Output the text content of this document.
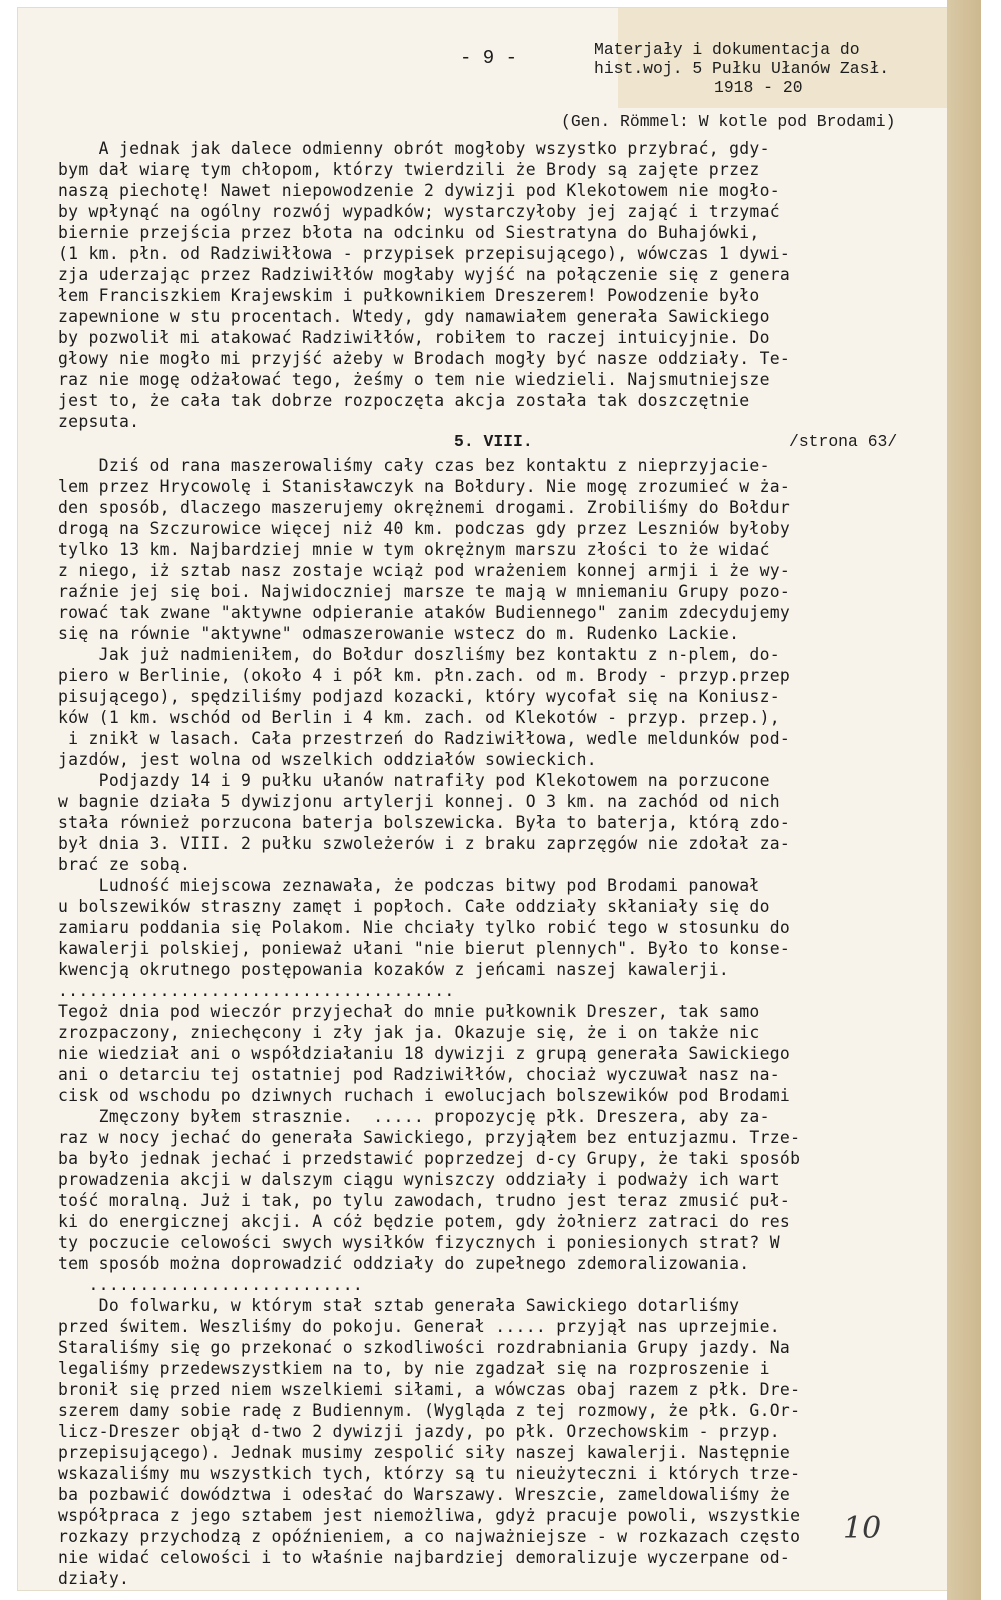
- 9 -	Materjały i dokumentacja do
hist.woj. 5 Pułku Ułanów Zasł.
1918 - 20
(Gen. Römmel: W kotle pod Brodami)
A jednak jak dalece odmienny obrót mogłoby wszystko przybrać, gdy-
bym dał wiarę tym chłopom, którzy twierdzili że Brody są zajęte przez
naszą piechotę! Nawet niepowodzenie 2 dywizji pod Klekotowem nie mogło-
by wpłynąć na ogólny rozwój wypadków; wystarczyłoby jej zająć i trzymać
biernie przejścia przez błota na odcinku od Siestratyna do Buhajówki,
(1 km. płn. od Radziwiłłowa - przypisek przepisującego), wówczas 1 dywi-
zja uderzając przez Radziwiłłów mogłaby wyjść na połączenie się z genera
łem Franciszkiem Krajewskim i pułkownikiem Dreszerem! Powodzenie było
zapewnione w stu procentach. Wtedy, gdy namawiałem generała Sawickiego
by pozwolił mi atakować Radziwiłłów, robiłem to raczej intuicyjnie. Do
głowy nie mogło mi przyjść ażeby w Brodach mogły być nasze oddziały. Te-
raz nie mogę odżałować tego, żeśmy o tem nie wiedzieli. Najsmutniejsze
jest to, że cała tak dobrze rozpoczęta akcja została tak doszczętnie
zepsuta.
5. VIII.	/strona 63/
Dziś od rana maszerowaliśmy cały czas bez kontaktu z nieprzyjacie-
lem przez Hrycowolę i Stanisławczyk na Bołdury. Nie mogę zrozumieć w ża-
den sposób, dlaczego maszerujemy okrężnemi drogami. Zrobiliśmy do Bołdur
drogą na Szczurowice więcej niż 40 km. podczas gdy przez Leszniów byłoby
tylko 13 km. Najbardziej mnie w tym okrężnym marszu złości to że widać
z niego, iż sztab nasz zostaje wciąż pod wrażeniem konnej armji i że wy-
raźnie jej się boi. Najwidoczniej marsze te mają w mniemaniu Grupy pozo-
rować tak zwane "aktywne odpieranie ataków Budiennego" zanim zdecydujemy
się na równie "aktywne" odmaszerowanie wstecz do m. Rudenko Lackie.
Jak już nadmieniłem, do Bołdur doszliśmy bez kontaktu z n-plem, do-
piero w Berlinie, (około 4 i pół km. płn.zach. od m. Brody - przyp.przep
pisującego), spędziliśmy podjazd kozacki, który wycofał się na Koniusz-
ków (1 km. wschód od Berlin i 4 km. zach. od Klekotów - przyp. przep.),
i znikł w lasach. Cała przestrzeń do Radziwiłłowa, wedle meldunków pod-
jazdów, jest wolna od wszelkich oddziałów sowieckich.
Podjazdy 14 i 9 pułku ułanów natrafiły pod Klekotowem na porzucone
w bagnie działa 5 dywizjonu artylerji konnej. O 3 km. na zachód od nich
stała również porzucona baterja bolszewicka. Była to baterja, którą zdo-
był dnia 3. VIII. 2 pułku szwoleżerów i z braku zaprzęgów nie zdołał za-
brać ze sobą.
Ludność miejscowa zeznawała, że podczas bitwy pod Brodami panował
u bolszewików straszny zamęt i popłoch. Całe oddziały skłaniały się do
zamiaru poddania się Polakom. Nie chciały tylko robić tego w stosunku do
kawalerji polskiej, ponieważ ułani "nie bierut plennych". Było to konse-
kwencją okrutnego postępowania kozaków z jeńcami naszej kawalerji.
.......................................
Tegoż dnia pod wieczór przyjechał do mnie pułkownik Dreszer, tak samo
zrozpaczony, zniechęcony i zły jak ja. Okazuje się, że i on także nic
nie wiedział ani o współdziałaniu 18 dywizji z grupą generała Sawickiego
ani o detarciu tej ostatniej pod Radziwiłłów, chociaż wyczuwał nasz na-
cisk od wschodu po dziwnych ruchach i ewolucjach bolszewików pod Brodami
Zmęczony byłem strasznie.  ..... propozycję płk. Dreszera, aby za-
raz w nocy jechać do generała Sawickiego, przyjąłem bez entuzjazmu. Trze-
ba było jednak jechać i przedstawić poprzedzej d-cy Grupy, że taki sposób
prowadzenia akcji w dalszym ciągu wyniszczy oddziały i podważy ich wart
tość moralną. Już i tak, po tylu zawodach, trudno jest teraz zmusić puł-
ki do energicznej akcji. A cóż będzie potem, gdy żołnierz zatraci do res
ty poczucie celowości swych wysiłków fizycznych i poniesionych strat? W
tem sposób można doprowadzić oddziały do zupełnego zdemoralizowania.
...........................
Do folwarku, w którym stał sztab generała Sawickiego dotarliśmy
przed świtem. Weszliśmy do pokoju. Generał ..... przyjął nas uprzejmie.
Staraliśmy się go przekonać o szkodliwości rozdrabniania Grupy jazdy. Na
legaliśmy przedewszystkiem na to, by nie zgadzał się na rozproszenie i
bronił się przed niem wszelkiemi siłami, a wówczas obaj razem z płk. Dre-
szerem damy sobie radę z Budiennym. (Wygląda z tej rozmowy, że płk. G.Or-
licz-Dreszer objął d-two 2 dywizji jazdy, po płk. Orzechowskim - przyp.
przepisującego). Jednak musimy zespolić siły naszej kawalerji. Następnie
wskazaliśmy mu wszystkich tych, którzy są tu nieużyteczni i których trze-
ba pozbawić dowództwa i odesłać do Warszawy. Wreszcie, zameldowaliśmy że
współpraca z jego sztabem jest niemożliwa, gdyż pracuje powoli, wszystkie
rozkazy przychodzą z opóźnieniem, a co najważniejsze - w rozkazach często
nie widać celowości i to właśnie najbardziej demoralizuje wyczerpane od-
działy.
10
